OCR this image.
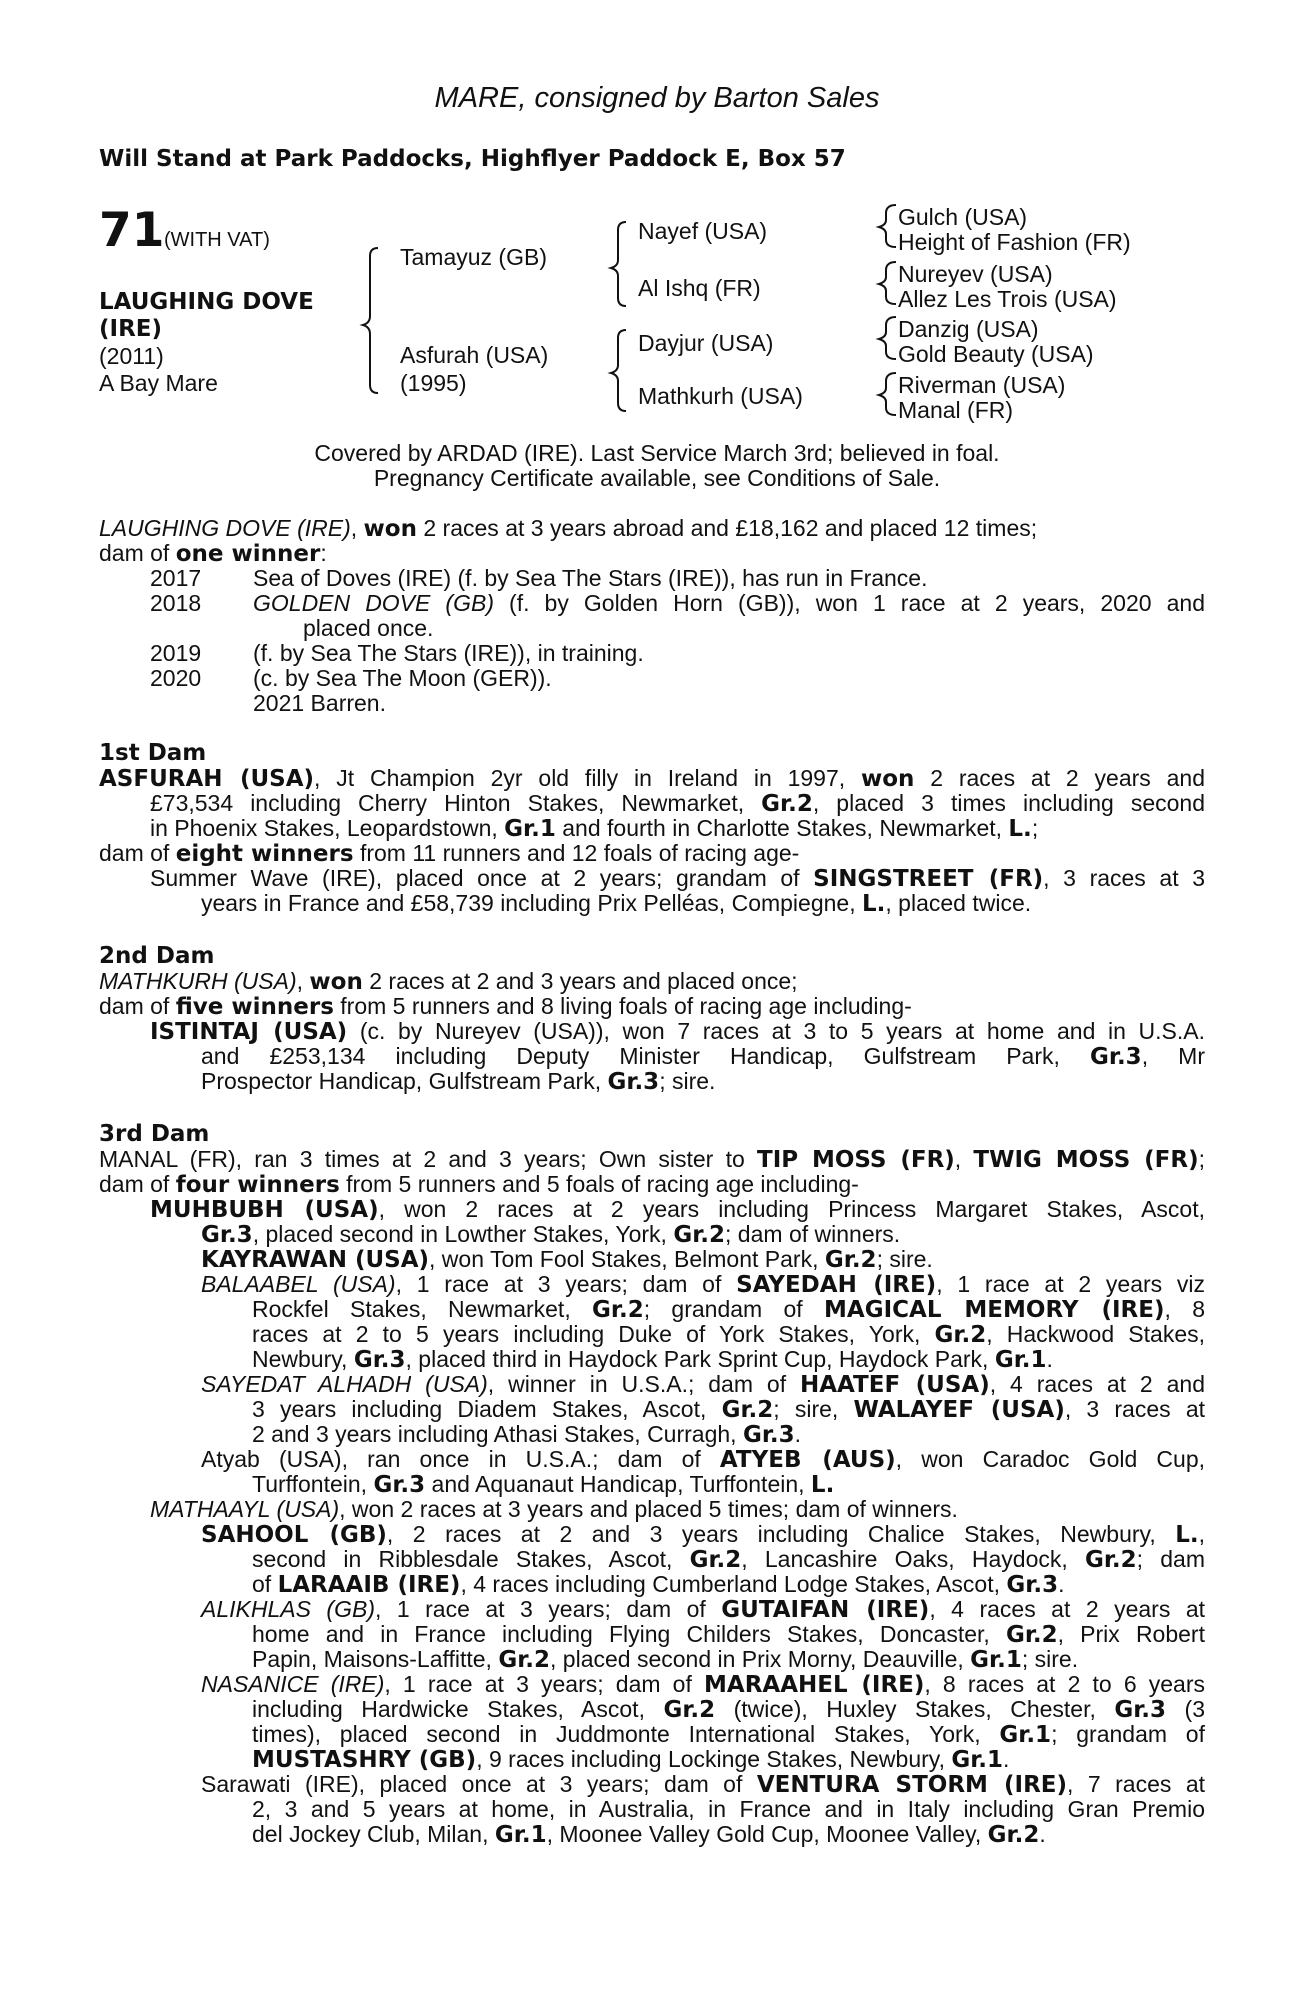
MARE, consigned by Barton Sales
Will Stand at Park Paddocks, Highflyer Paddock E, Box 57
71 (WITH VAT)
LAUGHING DOVE
(IRE)
(2011)
A Bay Mare
Tamayuz (GB)
Asfurah (USA)
(1995)
Nayef (USA)
Al Ishq (FR)
Dayjur (USA)
Mathkurh (USA)
Gulch (USA)
Height of Fashion (FR)
Nureyev (USA)
Allez Les Trois (USA)
Danzig (USA)
Gold Beauty (USA)
Riverman (USA)
Manal (FR)
Covered by ARDAD (IRE). Last Service March 3rd; believed in foal.
Pregnancy Certificate available, see Conditions of Sale.
LAUGHING DOVE (IRE), won 2 races at 3 years abroad and £18,162 and placed 12 times;
dam of one winner:
2017 Sea of Doves (IRE) (f. by Sea The Stars (IRE)), has run in France.
2018 GOLDEN DOVE (GB) (f. by Golden Horn (GB)), won 1 race at 2 years, 2020 and
placed once.
2019 (f. by Sea The Stars (IRE)), in training.
2020 (c. by Sea The Moon (GER)).
2021 Barren.
1st Dam
ASFURAH (USA), Jt Champion 2yr old filly in Ireland in 1997, won 2 races at 2 years and
£73,534 including Cherry Hinton Stakes, Newmarket, Gr.2, placed 3 times including second
in Phoenix Stakes, Leopardstown, Gr.1 and fourth in Charlotte Stakes, Newmarket, L.;
dam of eight winners from 11 runners and 12 foals of racing age-
Summer Wave (IRE), placed once at 2 years; grandam of SINGSTREET (FR), 3 races at 3
years in France and £58,739 including Prix Pelléas, Compiegne, L., placed twice.
2nd Dam
MATHKURH (USA), won 2 races at 2 and 3 years and placed once;
dam of five winners from 5 runners and 8 living foals of racing age including-
ISTINTAJ (USA) (c. by Nureyev (USA)), won 7 races at 3 to 5 years at home and in U.S.A.
and £253,134 including Deputy Minister Handicap, Gulfstream Park, Gr.3, Mr
Prospector Handicap, Gulfstream Park, Gr.3; sire.
3rd Dam
MANAL (FR), ran 3 times at 2 and 3 years; Own sister to TIP MOSS (FR), TWIG MOSS (FR);
dam of four winners from 5 runners and 5 foals of racing age including-
MUHBUBH (USA), won 2 races at 2 years including Princess Margaret Stakes, Ascot,
Gr.3, placed second in Lowther Stakes, York, Gr.2; dam of winners.
KAYRAWAN (USA), won Tom Fool Stakes, Belmont Park, Gr.2; sire.
BALAABEL (USA), 1 race at 3 years; dam of SAYEDAH (IRE), 1 race at 2 years viz
Rockfel Stakes, Newmarket, Gr.2; grandam of MAGICAL MEMORY (IRE), 8
races at 2 to 5 years including Duke of York Stakes, York, Gr.2, Hackwood Stakes,
Newbury, Gr.3, placed third in Haydock Park Sprint Cup, Haydock Park, Gr.1.
SAYEDAT ALHADH (USA), winner in U.S.A.; dam of HAATEF (USA), 4 races at 2 and
3 years including Diadem Stakes, Ascot, Gr.2; sire, WALAYEF (USA), 3 races at
2 and 3 years including Athasi Stakes, Curragh, Gr.3.
Atyab (USA), ran once in U.S.A.; dam of ATYEB (AUS), won Caradoc Gold Cup,
Turffontein, Gr.3 and Aquanaut Handicap, Turffontein, L.
MATHAAYL (USA), won 2 races at 3 years and placed 5 times; dam of winners.
SAHOOL (GB), 2 races at 2 and 3 years including Chalice Stakes, Newbury, L.,
second in Ribblesdale Stakes, Ascot, Gr.2, Lancashire Oaks, Haydock, Gr.2; dam
of LARAAIB (IRE), 4 races including Cumberland Lodge Stakes, Ascot, Gr.3.
ALIKHLAS (GB), 1 race at 3 years; dam of GUTAIFAN (IRE), 4 races at 2 years at
home and in France including Flying Childers Stakes, Doncaster, Gr.2, Prix Robert
Papin, Maisons-Laffitte, Gr.2, placed second in Prix Morny, Deauville, Gr.1; sire.
NASANICE (IRE), 1 race at 3 years; dam of MARAAHEL (IRE), 8 races at 2 to 6 years
including Hardwicke Stakes, Ascot, Gr.2 (twice), Huxley Stakes, Chester, Gr.3 (3
times), placed second in Juddmonte International Stakes, York, Gr.1; grandam of
MUSTASHRY (GB), 9 races including Lockinge Stakes, Newbury, Gr.1.
Sarawati (IRE), placed once at 3 years; dam of VENTURA STORM (IRE), 7 races at
2, 3 and 5 years at home, in Australia, in France and in Italy including Gran Premio
del Jockey Club, Milan, Gr.1, Moonee Valley Gold Cup, Moonee Valley, Gr.2.
